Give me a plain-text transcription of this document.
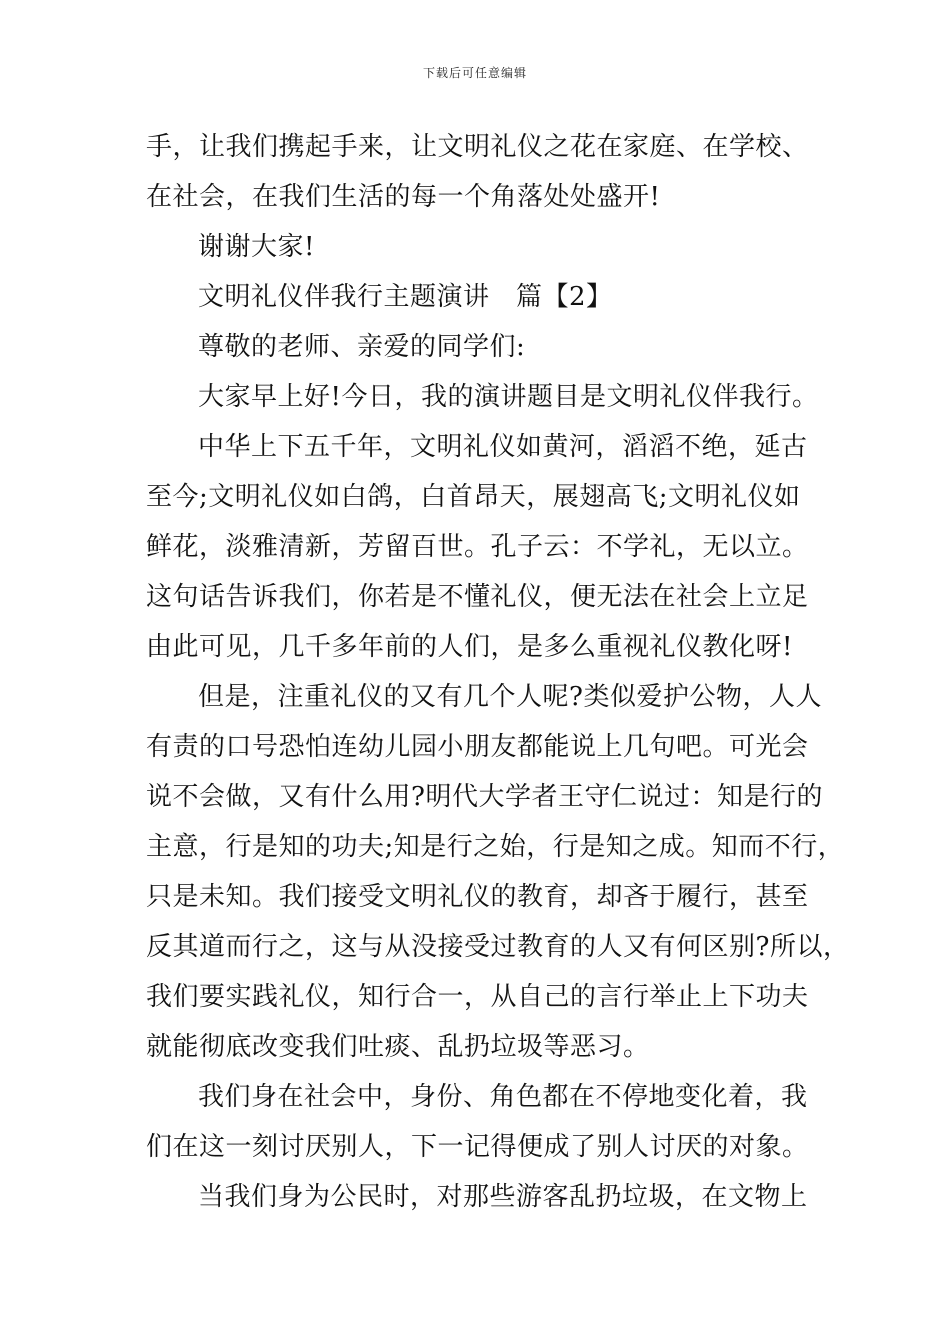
下载后可任意编辑
手，让我们携起手来，让文明礼仪之花在家庭、在学校、
在社会，在我们生活的每一个角落处处盛开!
谢谢大家!
文明礼仪伴我行主题演讲　篇【2】
尊敬的老师、亲爱的同学们:
大家早上好!今日，我的演讲题目是文明礼仪伴我行。
中华上下五千年，文明礼仪如黄河，滔滔不绝，延古
至今;文明礼仪如白鸽，白首昂天，展翅高飞;文明礼仪如
鲜花，淡雅清新，芳留百世。孔子云：不学礼，无以立。
这句话告诉我们，你若是不懂礼仪，便无法在社会上立足
由此可见，几千多年前的人们，是多么重视礼仪教化呀!
但是，注重礼仪的又有几个人呢?类似爱护公物，人人
有责的口号恐怕连幼儿园小朋友都能说上几句吧。可光会
说不会做，又有什么用?明代大学者王守仁说过：知是行的
主意，行是知的功夫;知是行之始，行是知之成。知而不行，
只是未知。我们接受文明礼仪的教育，却吝于履行，甚至
反其道而行之，这与从没接受过教育的人又有何区别?所以，
我们要实践礼仪，知行合一，从自己的言行举止上下功夫
就能彻底改变我们吐痰、乱扔垃圾等恶习。
我们身在社会中，身份、角色都在不停地变化着，我
们在这一刻讨厌别人，下一记得便成了别人讨厌的对象。
当我们身为公民时，对那些游客乱扔垃圾，在文物上
